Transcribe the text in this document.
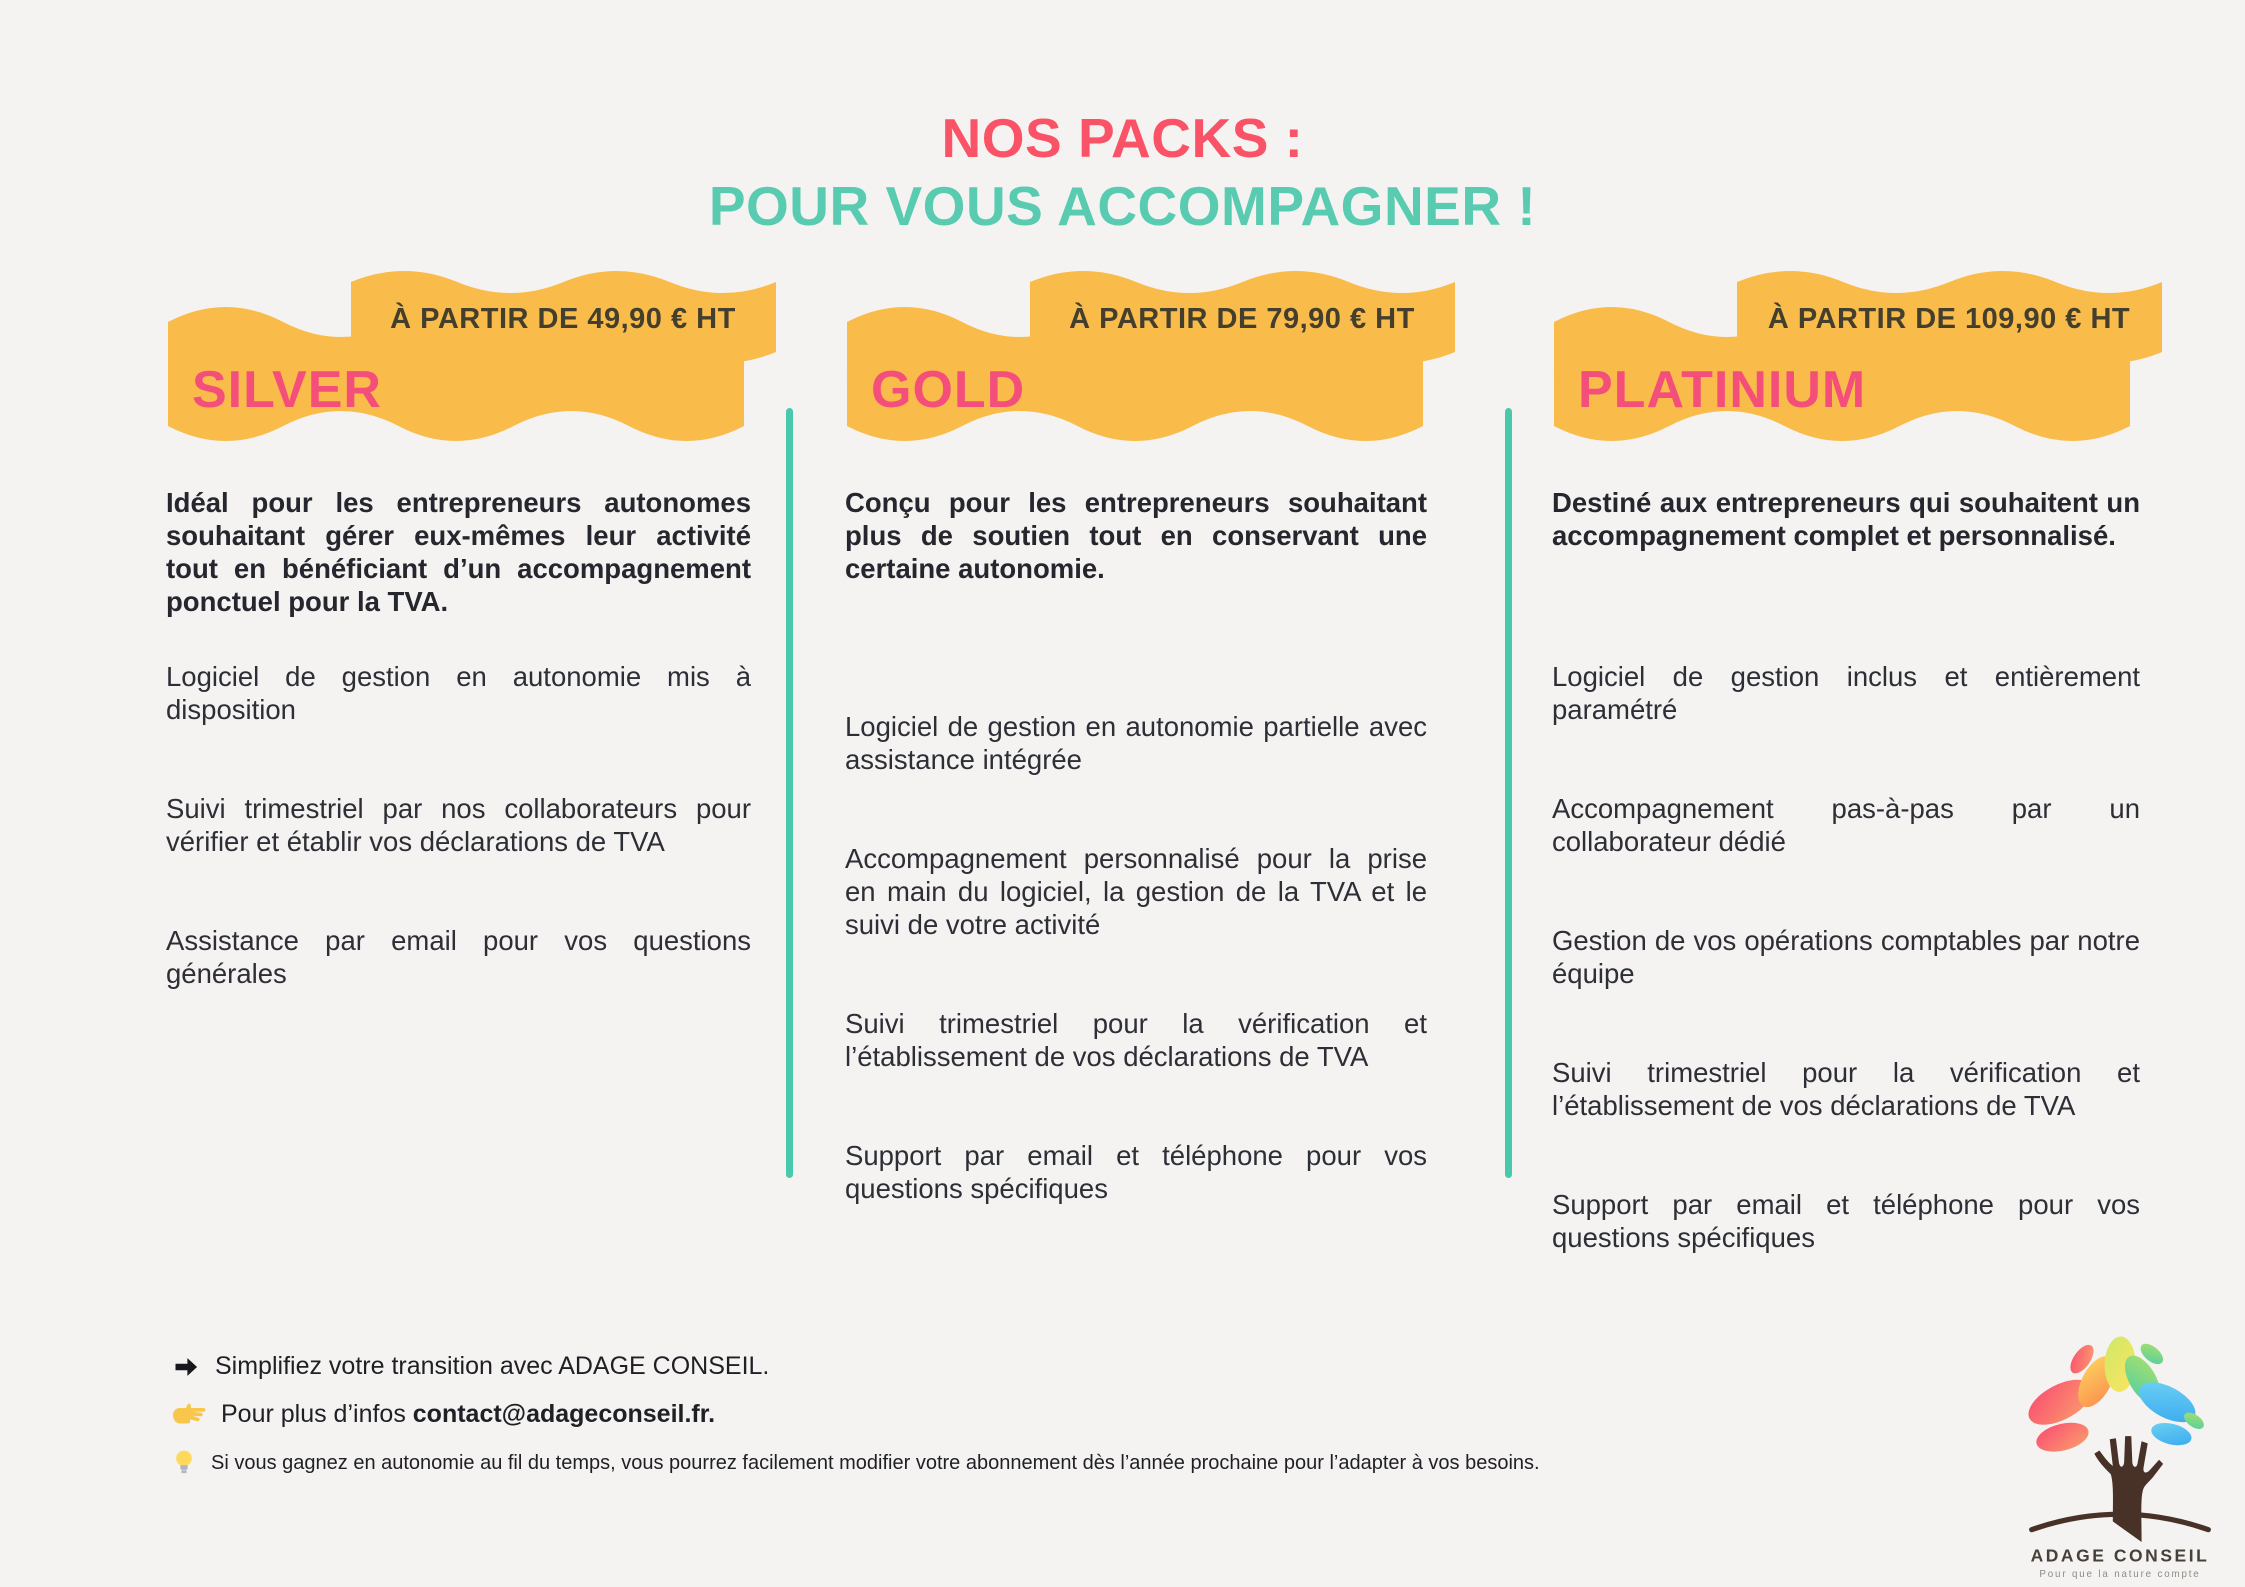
NOS PACKS :
POUR VOUS ACCOMPAGNER !
À PARTIR DE 49,90 € HT
SILVER
À PARTIR DE 79,90 € HT
GOLD
À PARTIR DE 109,90 € HT
PLATINIUM

Idéal pour les entrepreneurs autonomes souhaitant gérer eux-mêmes leur activité tout en bénéficiant d’un accompagnement ponctuel pour la TVA.

Logiciel de gestion en autonomie mis à disposition

Suivi trimestriel par nos collaborateurs pour vérifier et établir vos déclarations de TVA

Assistance par email pour vos questions générales

Conçu pour les entrepreneurs souhaitant plus de soutien tout en conservant une certaine autonomie.

Logiciel de gestion en autonomie partielle avec assistance intégrée

Accompagnement personnalisé pour la prise en main du logiciel, la gestion de la TVA et le suivi de votre activité

Suivi trimestriel pour la vérification et l’établissement de vos déclarations de TVA

Support par email et téléphone pour vos questions spécifiques

Destiné aux entrepreneurs qui souhaitent un accompagnement complet et personnalisé.

Logiciel de gestion inclus et entièrement paramétré

Accompagnement pas-à-pas par un collaborateur dédié

Gestion de vos opérations comptables par notre équipe

Suivi trimestriel pour la vérification et l’établissement de vos déclarations de TVA

Support par email et téléphone pour vos questions spécifiques

Simplifiez votre transition avec ADAGE CONSEIL.
Pour plus d’infos contact@adageconseil.fr.
Si vous gagnez en autonomie au fil du temps, vous pourrez facilement modifier votre abonnement dès l’année prochaine pour l’adapter à vos besoins.
ADAGE CONSEIL
Pour que la nature compte
